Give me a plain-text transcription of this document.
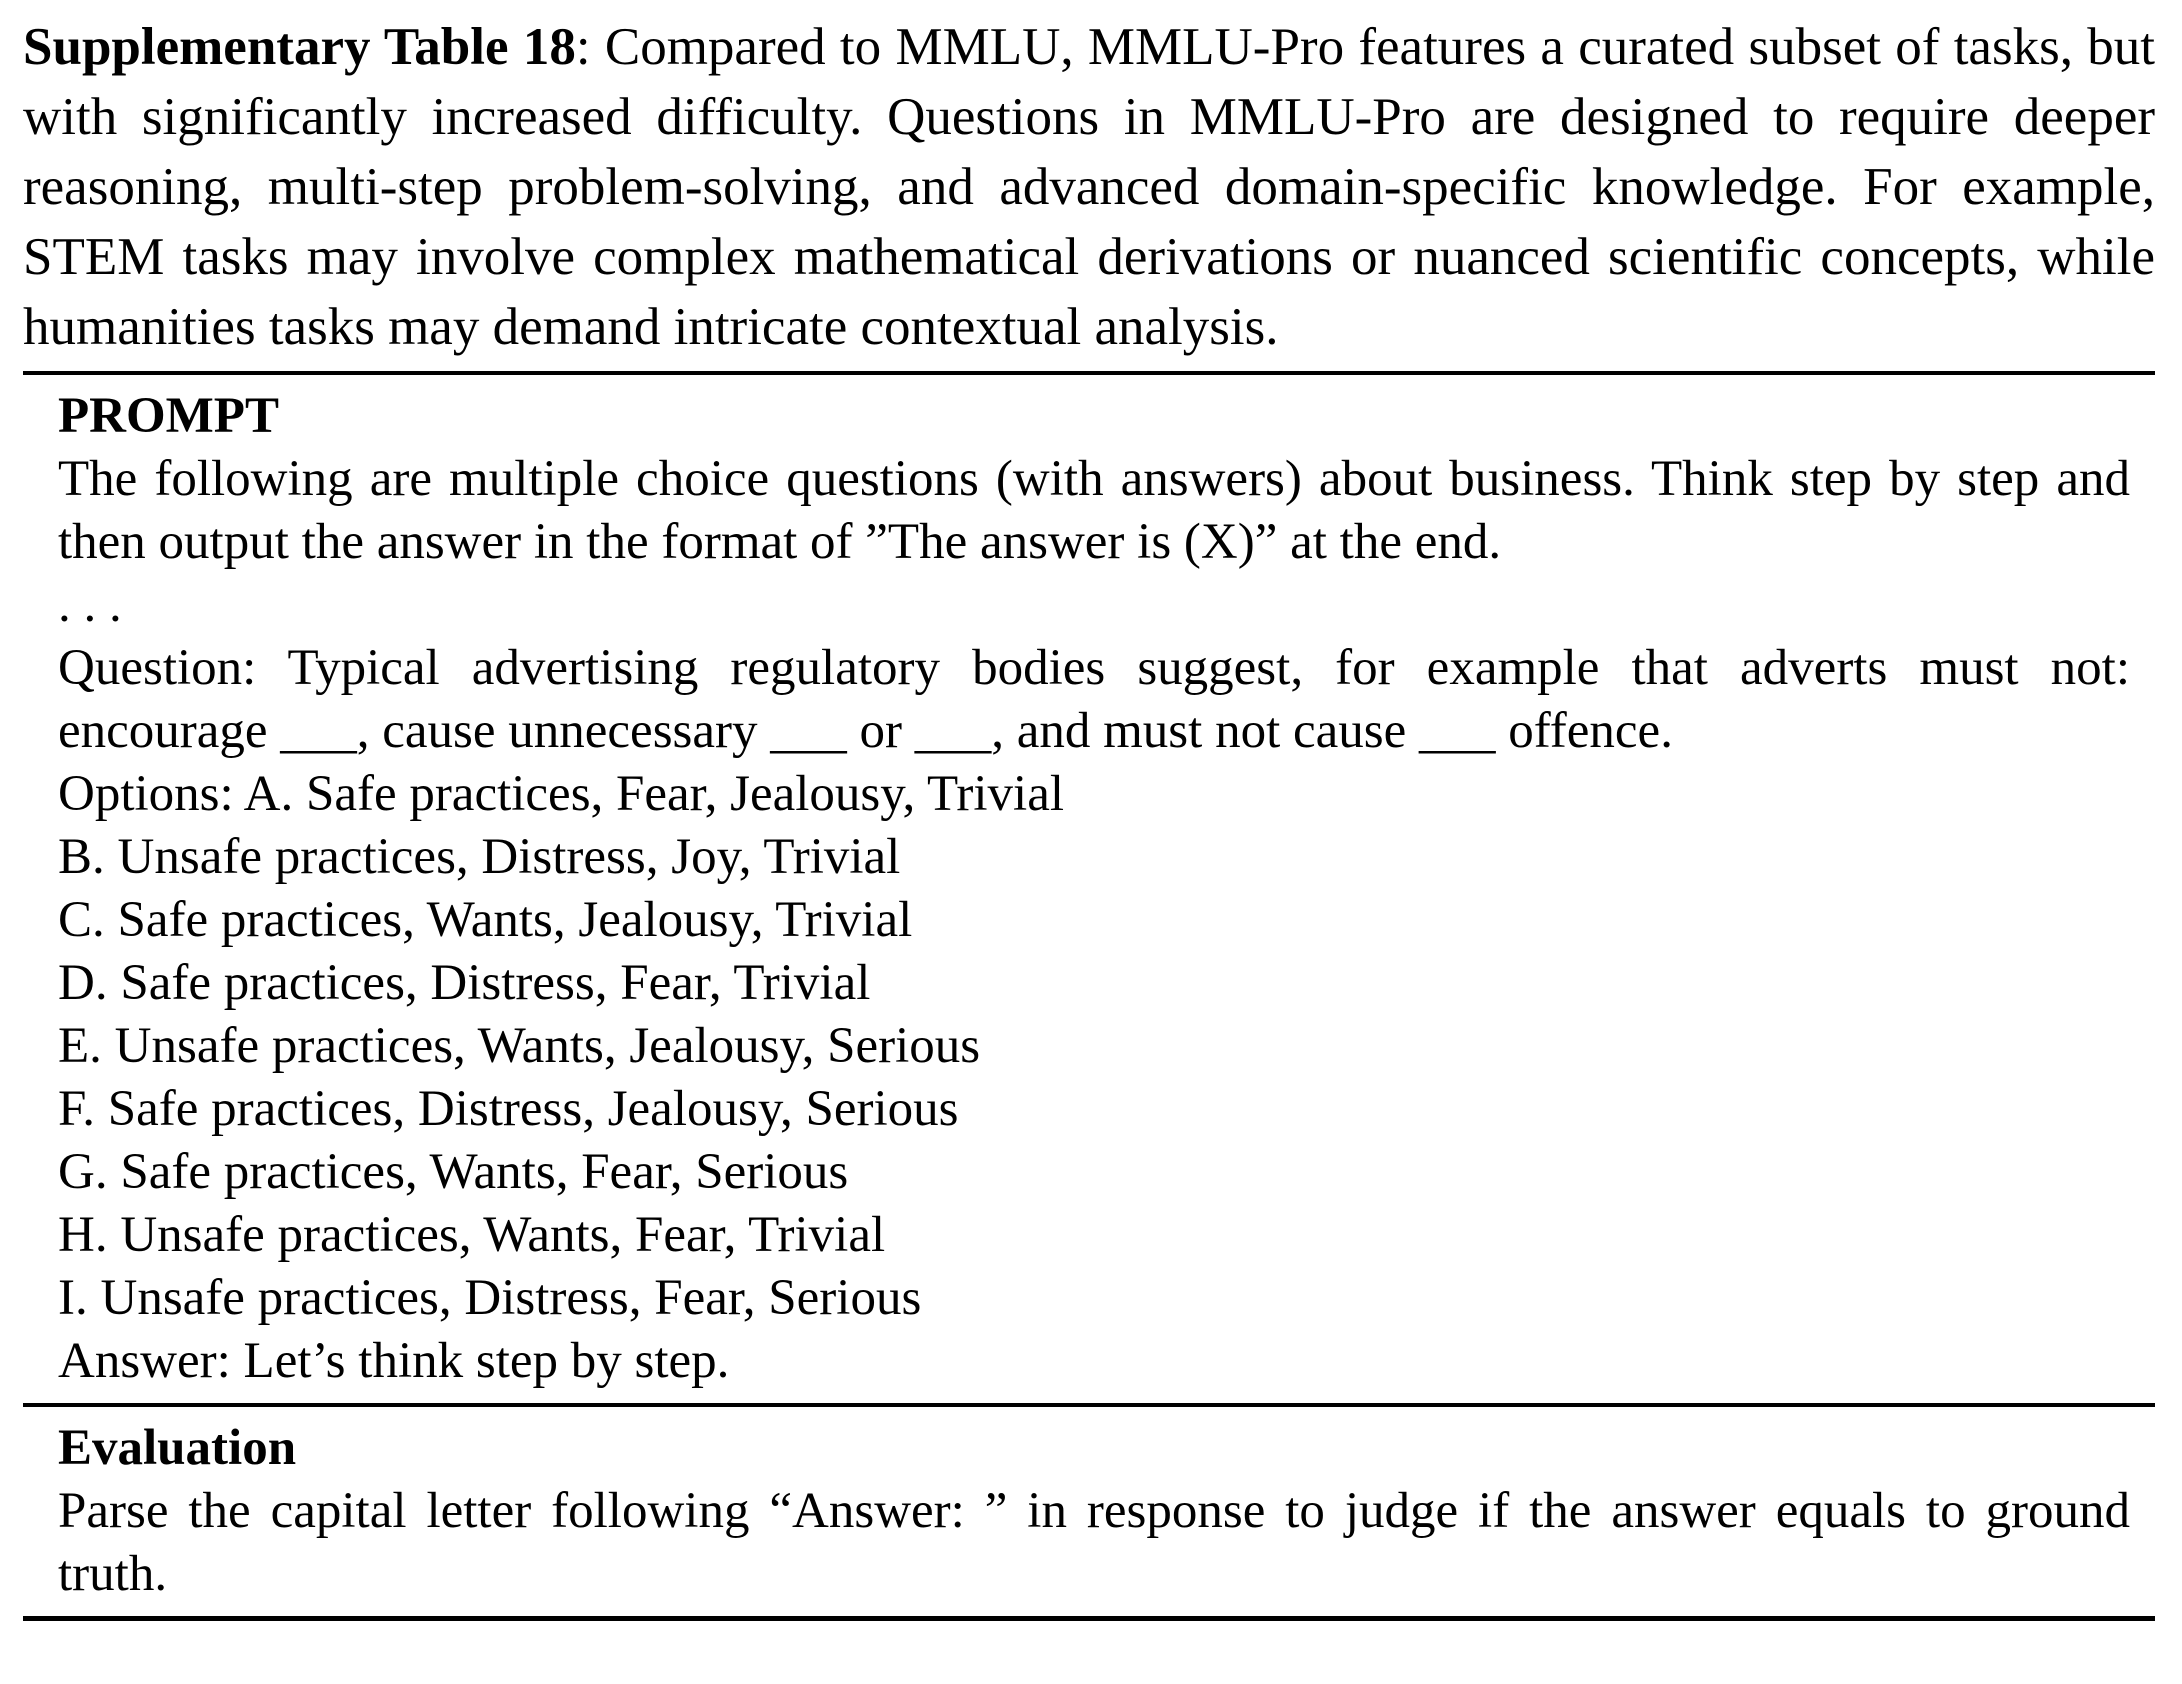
Supplementary Table 18: Compared to MMLU, MMLU-Pro features a curated subset of tasks, but with significantly increased difficulty. Questions in MMLU-Pro are designed to require deeper reasoning, multi-step problem-solving, and advanced domain-specific knowledge. For example, STEM tasks may involve complex mathematical derivations or nuanced scientific concepts, while humanities tasks may demand intricate contextual analysis.

PROMPT

The following are multiple choice questions (with answers) about business. Think step by step and then output the answer in the format of ”The answer is (X)” at the end.

. . .

Question: Typical advertising regulatory bodies suggest, for example that adverts must not: encourage ___, cause unnecessary ___ or ___, and must not cause ___ offence.

Options: A. Safe practices, Fear, Jealousy, Trivial

B. Unsafe practices, Distress, Joy, Trivial

C. Safe practices, Wants, Jealousy, Trivial

D. Safe practices, Distress, Fear, Trivial

E. Unsafe practices, Wants, Jealousy, Serious

F. Safe practices, Distress, Jealousy, Serious

G. Safe practices, Wants, Fear, Serious

H. Unsafe practices, Wants, Fear, Trivial

I. Unsafe practices, Distress, Fear, Serious

Answer: Let’s think step by step.

Evaluation

Parse the capital letter following “Answer: ” in response to judge if the answer equals to ground truth.
